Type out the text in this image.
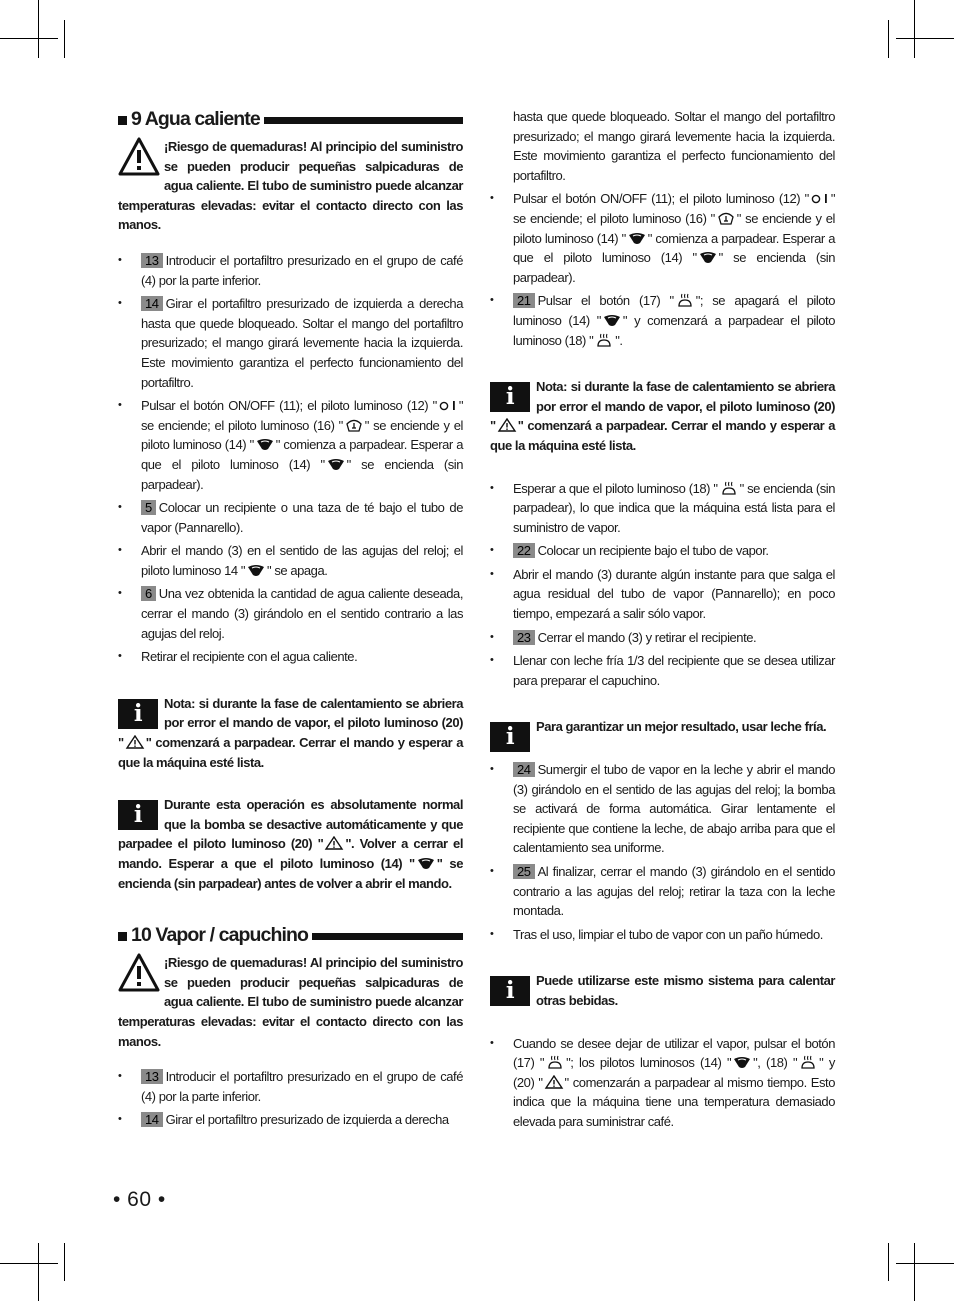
9 Agua caliente

¡Riesgo de quemaduras! Al principio del suministro se pueden producir pequeñas salpicaduras de agua caliente. El tubo de suministro puede alcanzar temperaturas elevadas: evitar el contacto directo con las manos.

• 13 Introducir el portafiltro presurizado en el grupo de café (4) por la parte inferior.
• 14 Girar el portafiltro presurizado de izquierda a derecha hasta que quede bloqueado. Soltar el mango del portafiltro presurizado; el mango girará levemente hacia la izquierda. Este movimiento garantiza el perfecto funcionamiento del portafiltro.
• Pulsar el botón ON/OFF (11); el piloto luminoso (12) " " se enciende; el piloto luminoso (16) " " se enciende y el piloto luminoso (14) " " comienza a parpadear. Esperar a que el piloto luminoso (14) " " se encienda (sin parpadear).
• 5 Colocar un recipiente o una taza de té bajo el tubo de vapor (Pannarello).
• Abrir el mando (3) en el sentido de las agujas del reloj; el piloto luminoso 14 " " se apaga.
• 6 Una vez obtenida la cantidad de agua caliente deseada, cerrar el mando (3) girándolo en el sentido contrario a las agujas del reloj.
• Retirar el recipiente con el agua caliente.
i	Nota: si durante la fase de calentamiento se abriera por error el mando de vapor, el piloto luminoso (20) " " comenzará a parpadear. Cerrar el mando y esperar a que la máquina esté lista.

i	Durante esta operación es absolutamente normal que la bomba se desactive automáticamente y que parpadee el piloto luminoso (20) " ". Volver a cerrar el mando. Esperar a que el piloto luminoso (14) " " se encienda (sin parpadear) antes de volver a abrir el mando.

10 Vapor / capuchino

¡Riesgo de quemaduras! Al principio del suministro se pueden producir pequeñas salpicaduras de agua caliente. El tubo de suministro puede alcanzar temperaturas elevadas: evitar el contacto directo con las manos.

• 13 Introducir el portafiltro presurizado en el grupo de café (4) por la parte inferior.
• 14 Girar el portafiltro presurizado de izquierda a derecha
hasta que quede bloqueado. Soltar el mango del portafiltro presurizado; el mango girará levemente hacia la izquierda. Este movimiento garantiza el perfecto funcionamiento del portafiltro.
• Pulsar el botón ON/OFF (11); el piloto luminoso (12) " " se enciende; el piloto luminoso (16) " " se enciende y el piloto luminoso (14) " " comienza a parpadear. Esperar a que el piloto luminoso (14) " " se encienda (sin parpadear).
• 21 Pulsar el botón (17) " "; se apagará el piloto luminoso (14) " " y comenzará a parpadear el piloto luminoso (18) " ".
i	Nota: si durante la fase de calentamiento se abriera por error el mando de vapor, el piloto luminoso (20) " " comenzará a parpadear. Cerrar el mando y esperar a que la máquina esté lista.

• Esperar a que el piloto luminoso (18) " " se encienda (sin parpadear), lo que indica que la máquina está lista para el suministro de vapor.
• 22 Colocar un recipiente bajo el tubo de vapor.
• Abrir el mando (3) durante algún instante para que salga el agua residual del tubo de vapor (Pannarello); en poco tiempo, empezará a salir sólo vapor.
• 23 Cerrar el mando (3) y retirar el recipiente.
• Llenar con leche fría 1/3 del recipiente que se desea utilizar para preparar el capuchino.
i	Para garantizar un mejor resultado, usar leche fría.

• 24 Sumergir el tubo de vapor en la leche y abrir el mando (3) girándolo en el sentido de las agujas del reloj; la bomba se activará de forma automática. Girar lentamente el recipiente que contiene la leche, de abajo arriba para que el calentamiento sea uniforme.
• 25 Al finalizar, cerrar el mando (3) girándolo en el sentido contrario a las agujas del reloj; retirar la taza con la leche montada.
• Tras el uso, limpiar el tubo de vapor con un paño húmedo.
i	Puede utilizarse este mismo sistema para calentar otras bebidas.

• Cuando se desee dejar de utilizar el vapor, pulsar el botón (17) " "; los pilotos luminosos (14) " ", (18) " " y (20) " " comenzarán a parpadear al mismo tiempo. Esto indica que la máquina tiene una temperatura demasiado elevada para suministrar café.
• 60 •
